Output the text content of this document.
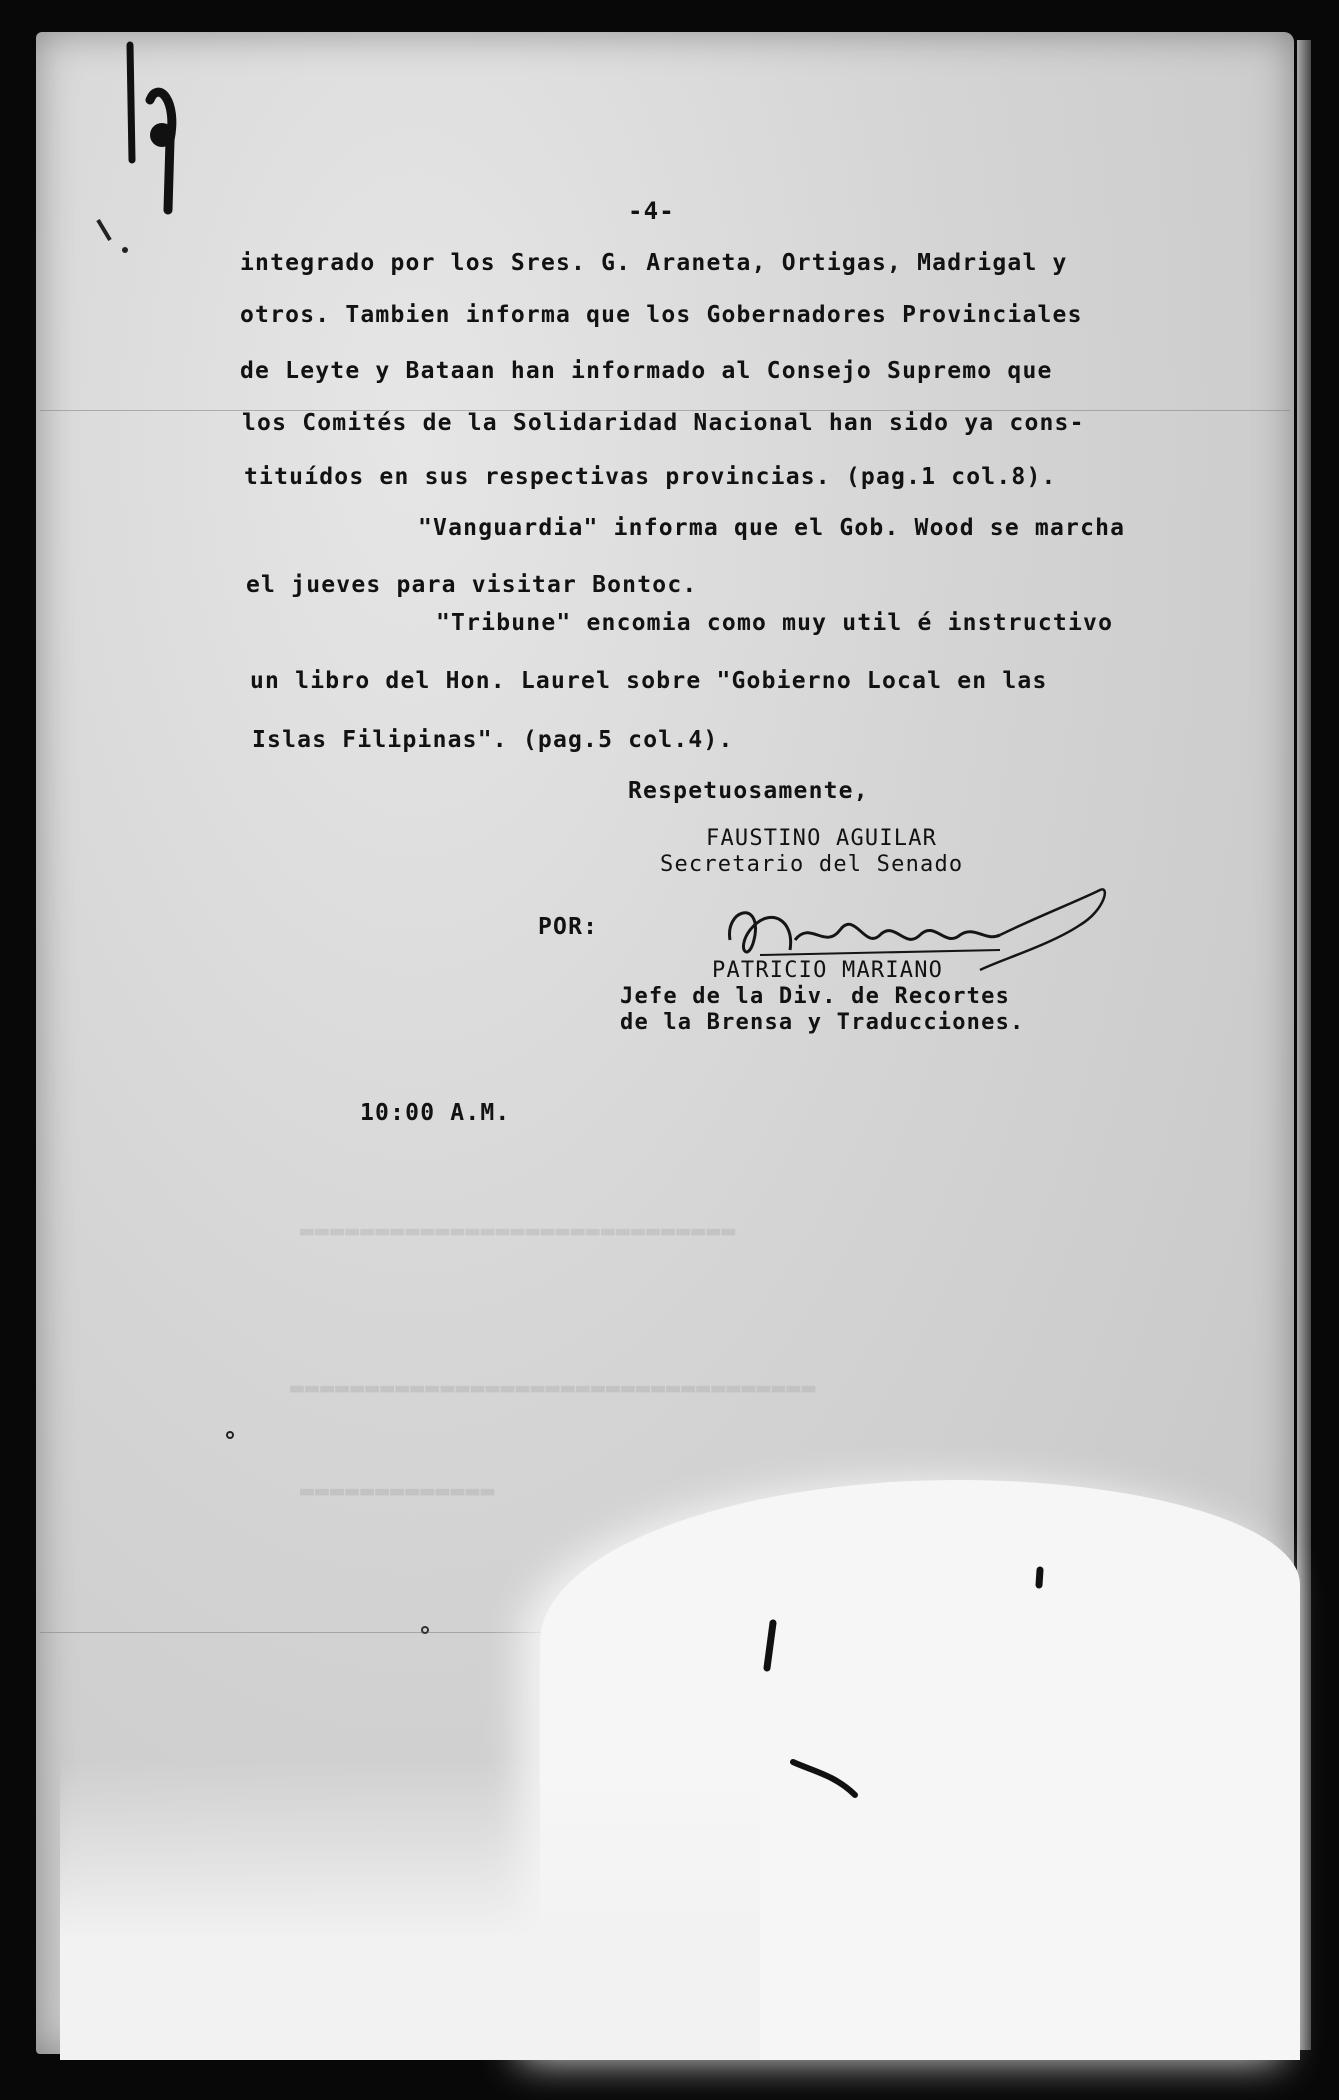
▬▬▬▬▬▬▬▬▬▬▬▬▬▬▬▬▬▬▬▬▬▬▬▬▬▬▬▬▬
▬▬▬▬▬▬▬▬▬▬▬▬▬▬▬▬▬▬▬▬▬▬▬▬▬▬▬▬▬▬▬▬▬▬▬
▬▬▬▬▬▬▬▬▬▬▬▬▬
-4-
integrado por los Sres. G. Araneta, Ortigas, Madrigal y
otros. Tambien informa que los Gobernadores Provinciales
de Leyte y Bataan han informado al Consejo Supremo que
los Comités de la Solidaridad Nacional han sido ya cons-
tituídos en sus respectivas provincias. (pag.1 col.8).
"Vanguardia" informa que el Gob. Wood se marcha
el jueves para visitar Bontoc.
"Tribune" encomia como muy util é instructivo
un libro del Hon. Laurel sobre "Gobierno Local en las
Islas Filipinas". (pag.5 col.4).
Respetuosamente,
FAUSTINO AGUILAR
Secretario del Senado
POR:
PATRICIO MARIANO
Jefe de la Div. de Recortes
de la Brensa y Traducciones.
10:00 A.M.
